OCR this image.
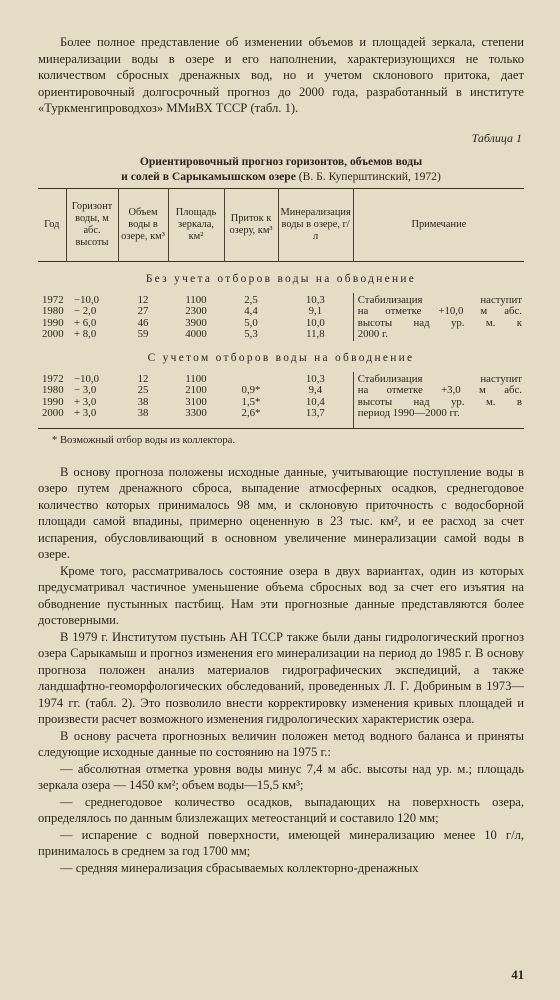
Более полное представление об изменении объемов и площадей зеркала, степени минерализации воды в озере и его наполнении, характеризующихся не только количеством сбросных дренажных вод, но и учетом склонового притока, дает ориентировочный долгосрочный прогноз до 2000 года, разработанный в институте «Туркменгипроводхоз» ММиВХ ТССР (табл. 1).

Таблица 1
Ориентировочный прогноз горизонтов, объемов воды
и солей в Сарыкамышском озере (В. Б. Куперштинский, 1972)
Год	Горизонт воды, м абс. высоты	Объем воды в озере, км³	Площадь зеркала, км²	Приток к озеру, км³	Минерализация воды в озере, г/л	Примечание
Без учета отборов воды на обводнение						
1972	−10,0	12	1100	2,5	10,3	Стабилизация наступит
1980	− 2,0	27	2300	4,4	9,1	на отметке +10,0 м абс.
1990	+ 6,0	46	3900	5,0	10,0	высоты над ур. м. к
2000	+ 8,0	59	4000	5,3	11,8	2000 г.
С учетом отборов воды на обводнение						
1972	−10,0	12	1100		10,3	Стабилизация наступит
1980	− 3,0	25	2100	0,9*	9,4	на отметке +3,0 м абс.
1990	+ 3,0	38	3100	1,5*	10,4	высоты над ур. м. в
2000	+ 3,0	38	3300	2,6*	13,7	период 1990—2000 гг.
* Возможный отбор воды из коллектора.

В основу прогноза положены исходные данные, учитывающие поступление воды в озеро путем дренажного сброса, выпадение атмосферных осадков, среднегодовое количество которых принималось 98 мм, и склоновую приточность с водосборной площади самой впадины, примерно оцененную в 23 тыс. км², и ее расход за счет испарения, обусловливающий в основном увеличение минерализации самой воды в озере.

Кроме того, рассматривалось состояние озера в двух вариантах, один из которых предусматривал частичное уменьшение объема сбросных вод за счет его изъятия на обводнение пустынных пастбищ. Нам эти прогнозные данные представляются более достоверными.

В 1979 г. Институтом пустынь АН ТССР также были даны гидрологический прогноз озера Сарыкамыш и прогноз изменения его минерализации на период до 1985 г. В основу прогноза положен анализ материалов гидрографических экспедиций, а также ландшафтно-геоморфологических обследований, проведенных Л. Г. Добриным в 1973—1974 гг. (табл. 2). Это позволило внести корректировку изменения кривых площадей и произвести расчет возможного изменения гидрологических характеристик озера.

В основу расчета прогнозных величин положен метод водного баланса и приняты следующие исходные данные по состоянию на 1975 г.:

— абсолютная отметка уровня воды минус 7,4 м абс. высоты над ур. м.; площадь зеркала озера — 1450 км²; объем воды—15,5 км³;

— среднегодовое количество осадков, выпадающих на поверхность озера, определялось по данным близлежащих метеостанций и составило 120 мм;

— испарение с водной поверхности, имеющей минерализацию менее 10 г/л, принималось в среднем за год 1700 мм;

— средняя минерализация сбрасываемых коллекторно-дренажных

41
